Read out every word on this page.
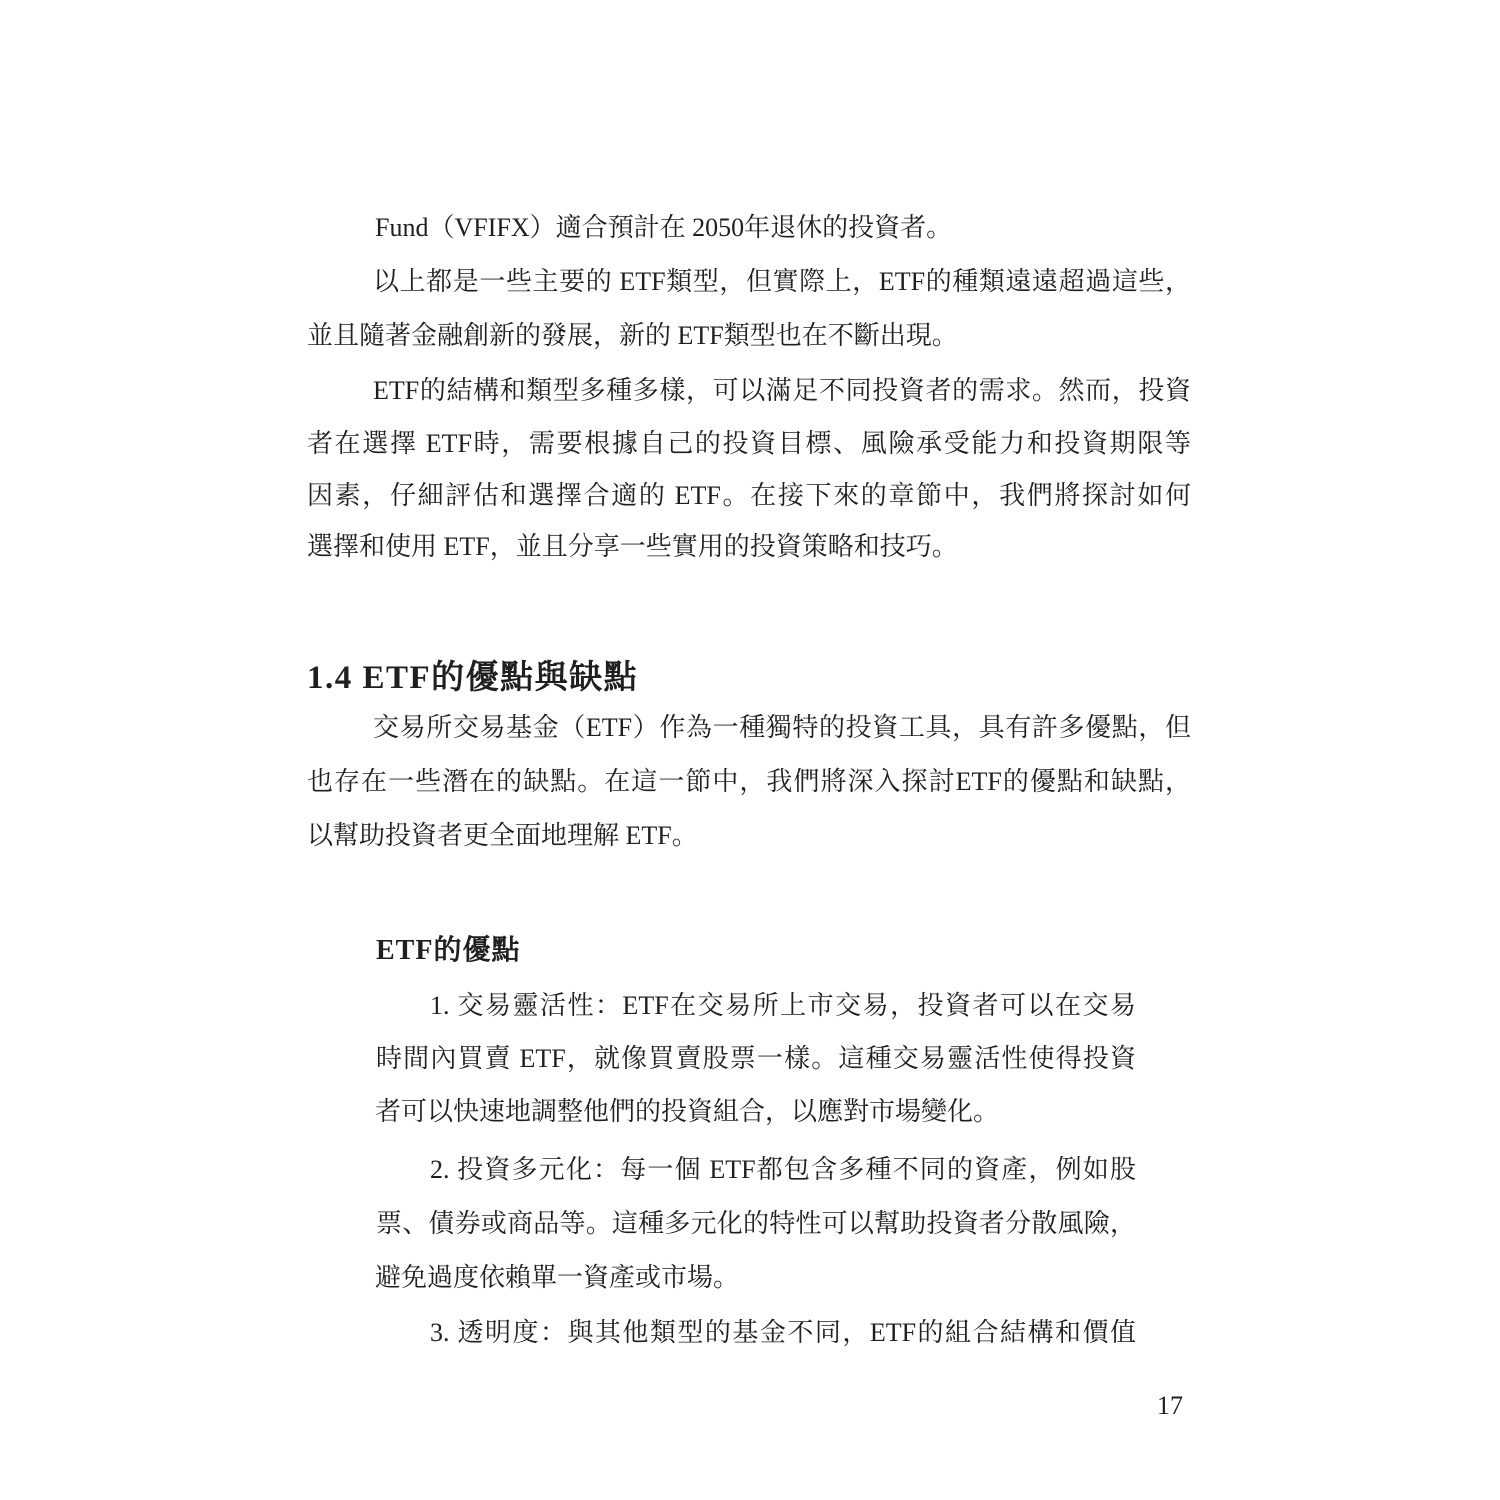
Fund（VFIFX）適合預計在 2050年退休的投資者。
以上都是一些主要的 ETF類型，但實際上，ETF的種類遠遠超過這些，
並且隨著金融創新的發展，新的 ETF類型也在不斷出現。
ETF的結構和類型多種多樣，可以滿足不同投資者的需求。然而，投資
者在選擇 ETF時，需要根據自己的投資目標、風險承受能力和投資期限等
因素，仔細評估和選擇合適的 ETF。在接下來的章節中，我們將探討如何
選擇和使用 ETF，並且分享一些實用的投資策略和技巧。
1.4 ETF的優點與缺點
交易所交易基金（ETF）作為一種獨特的投資工具，具有許多優點，但
也存在一些潛在的缺點。在這一節中，我們將深入探討ETF的優點和缺點，
以幫助投資者更全面地理解 ETF。
ETF的優點
1. 交易靈活性：ETF在交易所上市交易，投資者可以在交易
時間內買賣 ETF，就像買賣股票一樣。這種交易靈活性使得投資
者可以快速地調整他們的投資組合，以應對市場變化。
2. 投資多元化：每一個 ETF都包含多種不同的資產，例如股
票、債券或商品等。這種多元化的特性可以幫助投資者分散風險，
避免過度依賴單一資產或市場。
3. 透明度：與其他類型的基金不同，ETF的組合結構和價值
17
